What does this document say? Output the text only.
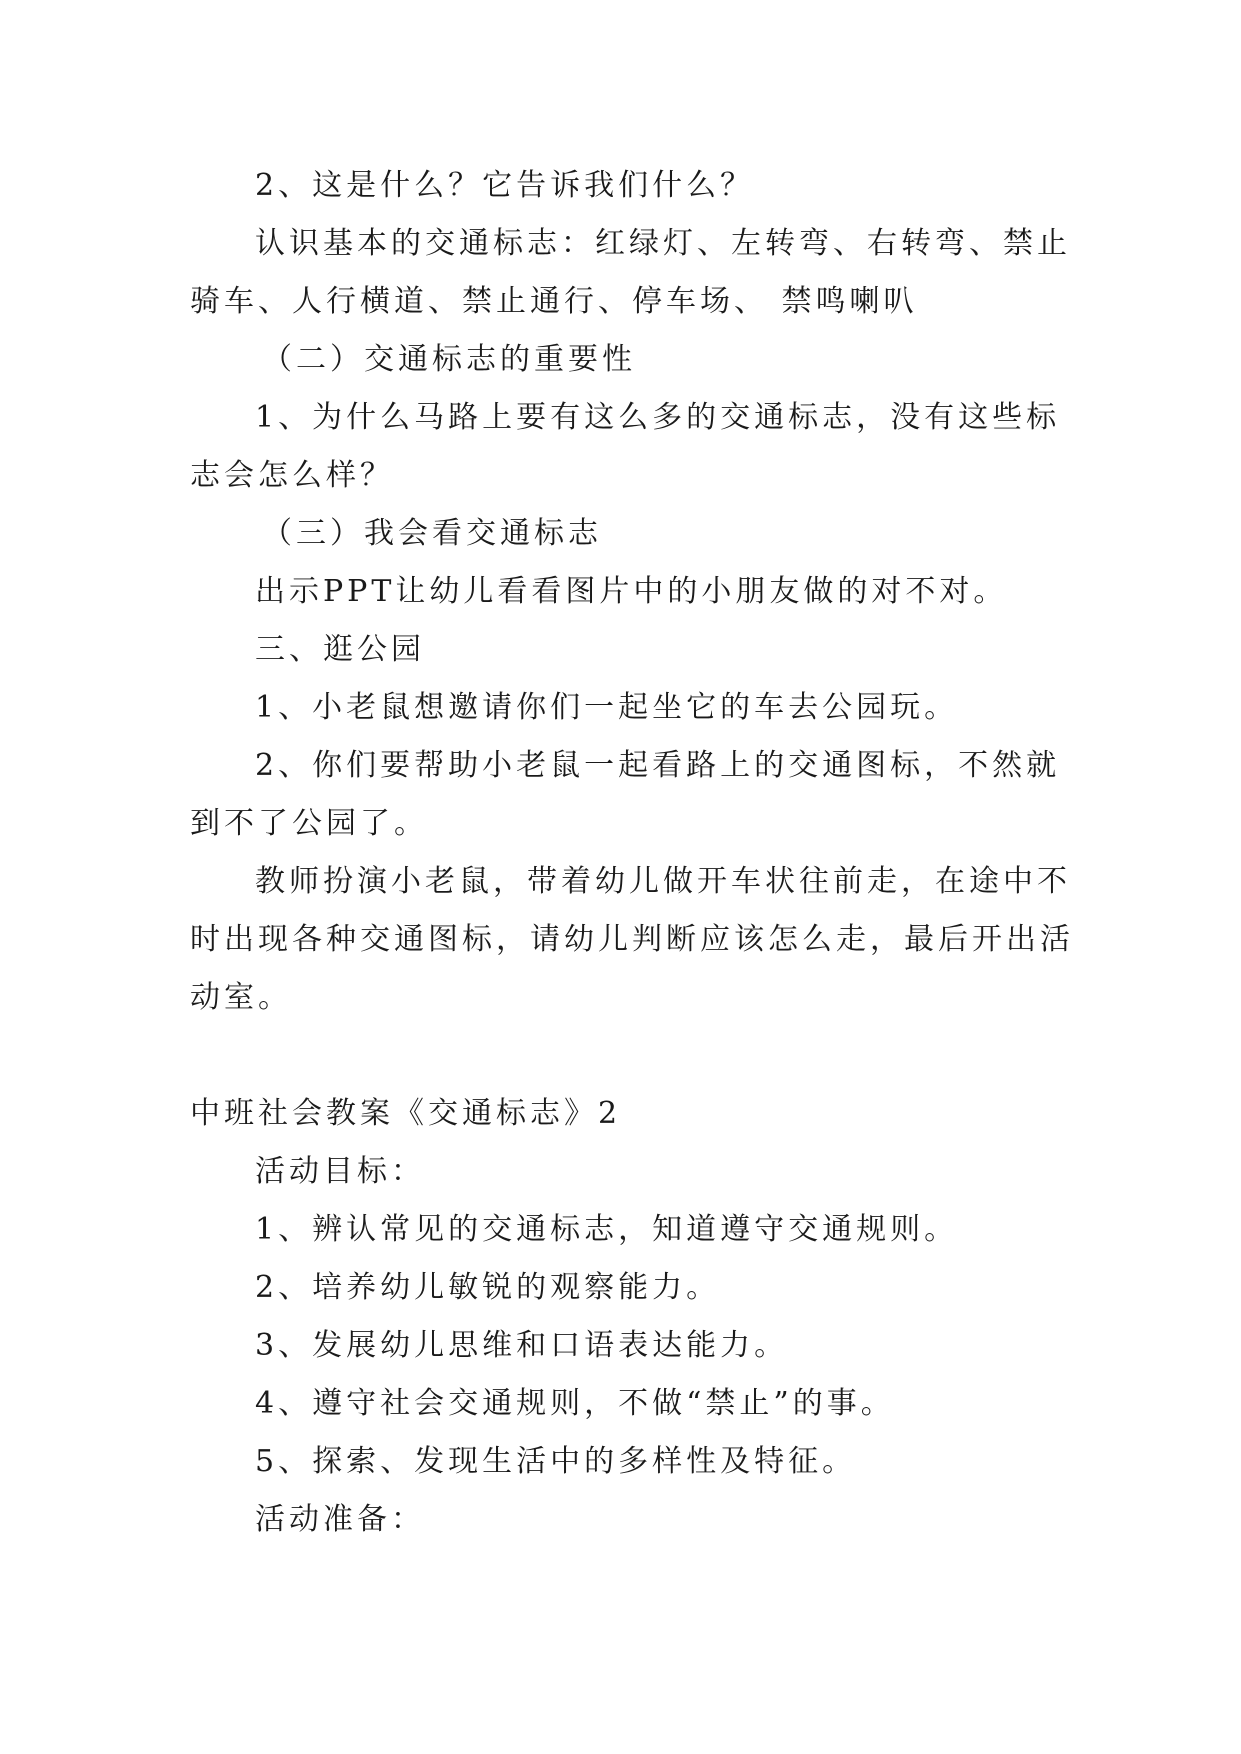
2、这是什么？它告诉我们什么？
认识基本的交通标志：红绿灯、左转弯、右转弯、禁止
骑车、人行横道、禁止通行、停车场、 禁鸣喇叭
（二）交通标志的重要性
1、为什么马路上要有这么多的交通标志，没有这些标
志会怎么样？
（三）我会看交通标志
出示PPT让幼儿看看图片中的小朋友做的对不对。
三、逛公园
1、小老鼠想邀请你们一起坐它的车去公园玩。
2、你们要帮助小老鼠一起看路上的交通图标，不然就
到不了公园了。
教师扮演小老鼠，带着幼儿做开车状往前走，在途中不
时出现各种交通图标，请幼儿判断应该怎么走，最后开出活
动室。
中班社会教案《交通标志》2
活动目标：
1、辨认常见的交通标志，知道遵守交通规则。
2、培养幼儿敏锐的观察能力。
3、发展幼儿思维和口语表达能力。
4、遵守社会交通规则，不做“禁止”的事。
5、探索、发现生活中的多样性及特征。
活动准备：
